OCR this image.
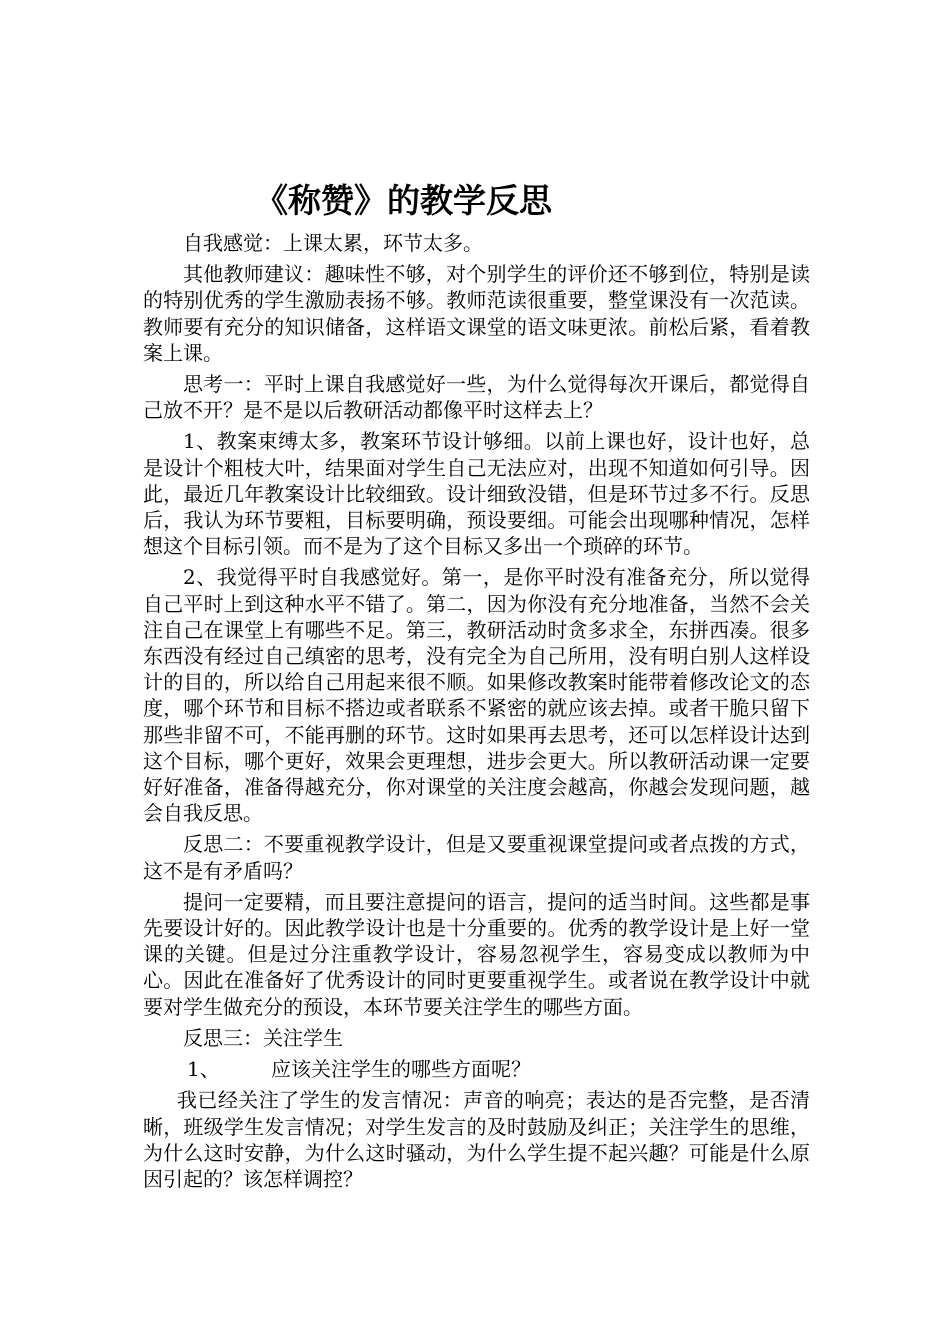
《称赞》的教学反思

自我感觉：上课太累，环节太多。

其他教师建议：趣味性不够，对个别学生的评价还不够到位，特别是读的特别优秀的学生激励表扬不够。教师范读很重要，整堂课没有一次范读。教师要有充分的知识储备，这样语文课堂的语文味更浓。前松后紧，看着教案上课。

思考一：平时上课自我感觉好一些，为什么觉得每次开课后，都觉得自己放不开？是不是以后教研活动都像平时这样去上？

1、教案束缚太多，教案环节设计够细。以前上课也好，设计也好，总是设计个粗枝大叶，结果面对学生自己无法应对，出现不知道如何引导。因此，最近几年教案设计比较细致。设计细致没错，但是环节过多不行。反思后，我认为环节要粗，目标要明确，预设要细。可能会出现哪种情况，怎样想这个目标引领。而不是为了这个目标又多出一个琐碎的环节。

2、我觉得平时自我感觉好。第一，是你平时没有准备充分，所以觉得自己平时上到这种水平不错了。第二，因为你没有充分地准备，当然不会关注自己在课堂上有哪些不足。第三，教研活动时贪多求全，东拼西凑。很多东西没有经过自己缜密的思考，没有完全为自己所用，没有明白别人这样设计的目的，所以给自己用起来很不顺。如果修改教案时能带着修改论文的态度，哪个环节和目标不搭边或者联系不紧密的就应该去掉。或者干脆只留下那些非留不可，不能再删的环节。这时如果再去思考，还可以怎样设计达到这个目标，哪个更好，效果会更理想，进步会更大。所以教研活动课一定要好好准备，准备得越充分，你对课堂的关注度会越高，你越会发现问题，越会自我反思。

反思二：不要重视教学设计，但是又要重视课堂提问或者点拨的方式，这不是有矛盾吗？

提问一定要精，而且要注意提问的语言，提问的适当时间。这些都是事先要设计好的。因此教学设计也是十分重要的。优秀的教学设计是上好一堂课的关键。但是过分注重教学设计，容易忽视学生，容易变成以教师为中心。因此在准备好了优秀设计的同时更要重视学生。或者说在教学设计中就要对学生做充分的预设，本环节要关注学生的哪些方面。

反思三：关注学生

1、	应该关注学生的哪些方面呢？

我已经关注了学生的发言情况：声音的响亮；表达的是否完整，是否清晰，班级学生发言情况；对学生发言的及时鼓励及纠正；关注学生的思维，为什么这时安静，为什么这时骚动，为什么学生提不起兴趣？可能是什么原因引起的？该怎样调控？
